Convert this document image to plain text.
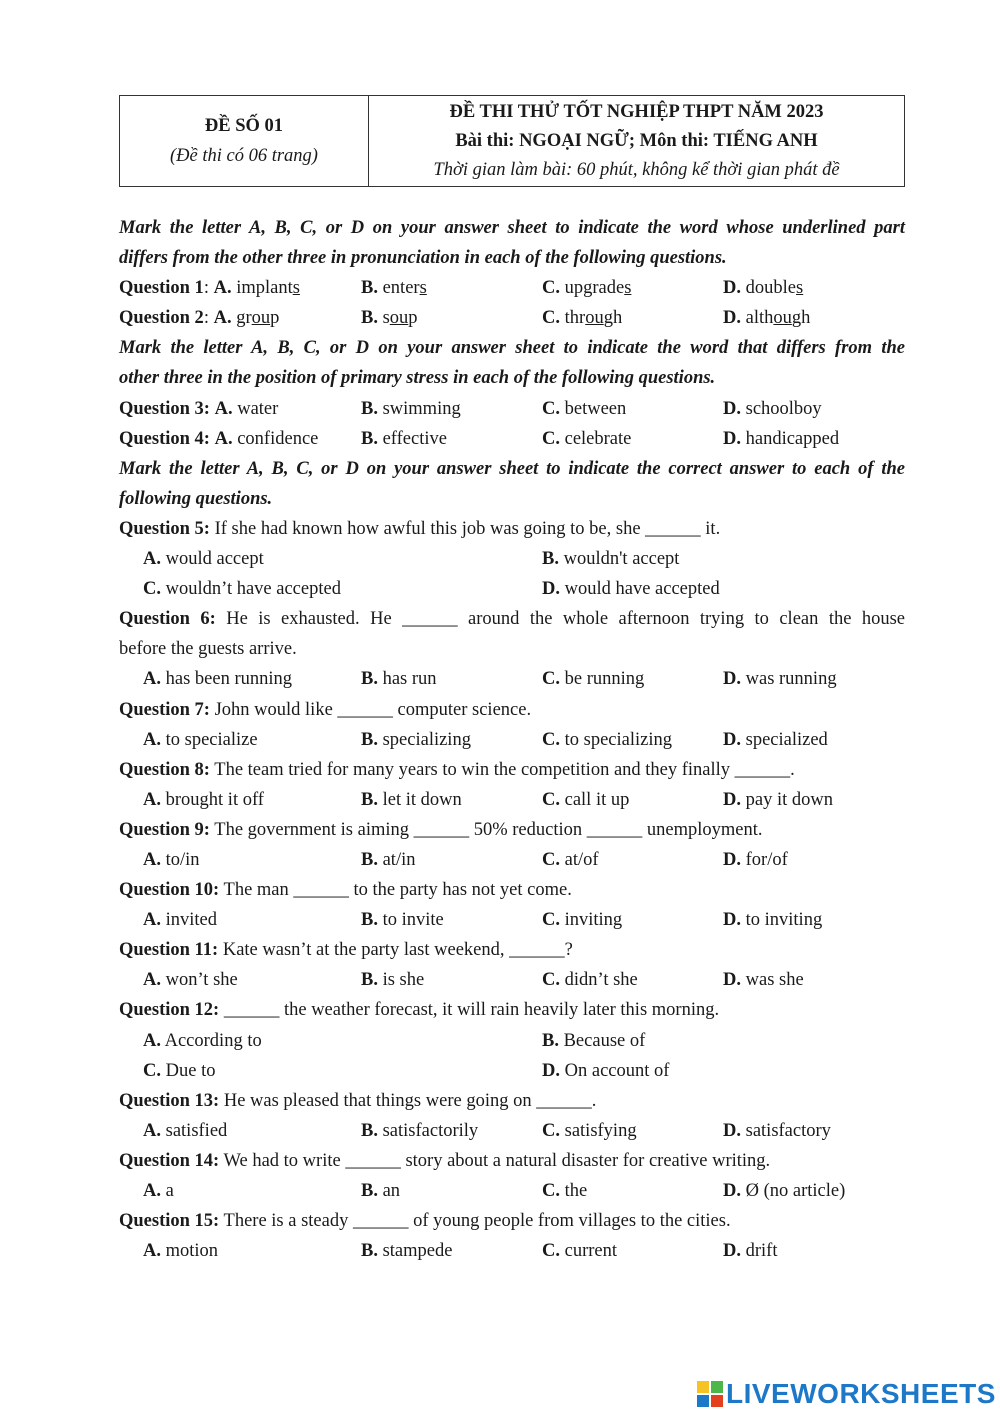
ĐỀ SỐ 01
(Đề thi có 06 trang)
ĐỀ THI THỬ TỐT NGHIỆP THPT NĂM 2023
Bài thi: NGOẠI NGỮ; Môn thi: TIẾNG ANH
Thời gian làm bài: 60 phút, không kể thời gian phát đề
Mark the letter A, B, C, or D on your answer sheet to indicate the word whose underlined part
differs from the other three in pronunciation in each of the following questions.
Question 1: A. implants	B. enters	C. upgrades	D. doubles
Question 2: A. group	B. soup	C. through	D. although
Mark the letter A, B, C, or D on your answer sheet to indicate the word that differs from the
other three in the position of primary stress in each of the following questions.
Question 3: A. water	B. swimming	C. between	D. schoolboy
Question 4: A. confidence B. effective	C. celebrate	D. handicapped
Mark the letter A, B, C, or D on your answer sheet to indicate the correct answer to each of the
following questions.
Question 5: If she had known how awful this job was going to be, she ______ it.
A. would accept	B. wouldn't accept
C. wouldn’t have accepted	D. would have accepted
Question 6: He is exhausted. He ______ around the whole afternoon trying to clean the house
before the guests arrive.
A. has been running	B. has run	C. be running	D. was running
Question 7: John would like ______ computer science.
A. to specialize	B. specializing	C. to specializing	D. specialized
Question 8: The team tried for many years to win the competition and they finally ______.
A. brought it off	B. let it down	C. call it up	D. pay it down
Question 9: The government is aiming ______ 50% reduction ______ unemployment.
A. to/in	B. at/in	C. at/of	D. for/of
Question 10: The man ______ to the party has not yet come.
A. invited	B. to invite	C. inviting	D. to inviting
Question 11: Kate wasn’t at the party last weekend, ______?
A. won’t she	B. is she	C. didn’t she	D. was she
Question 12: ______ the weather forecast, it will rain heavily later this morning.
A. According to	B. Because of
C. Due to	D. On account of
Question 13: He was pleased that things were going on ______.
A. satisfied	B. satisfactorily	C. satisfying	D. satisfactory
Question 14: We had to write ______ story about a natural disaster for creative writing.
A. a	B. an	C. the	D. Ø (no article)
Question 15: There is a steady ______ of young people from villages to the cities.
A. motion	B. stampede	C. current	D. drift
LIVEWORKSHEETS
